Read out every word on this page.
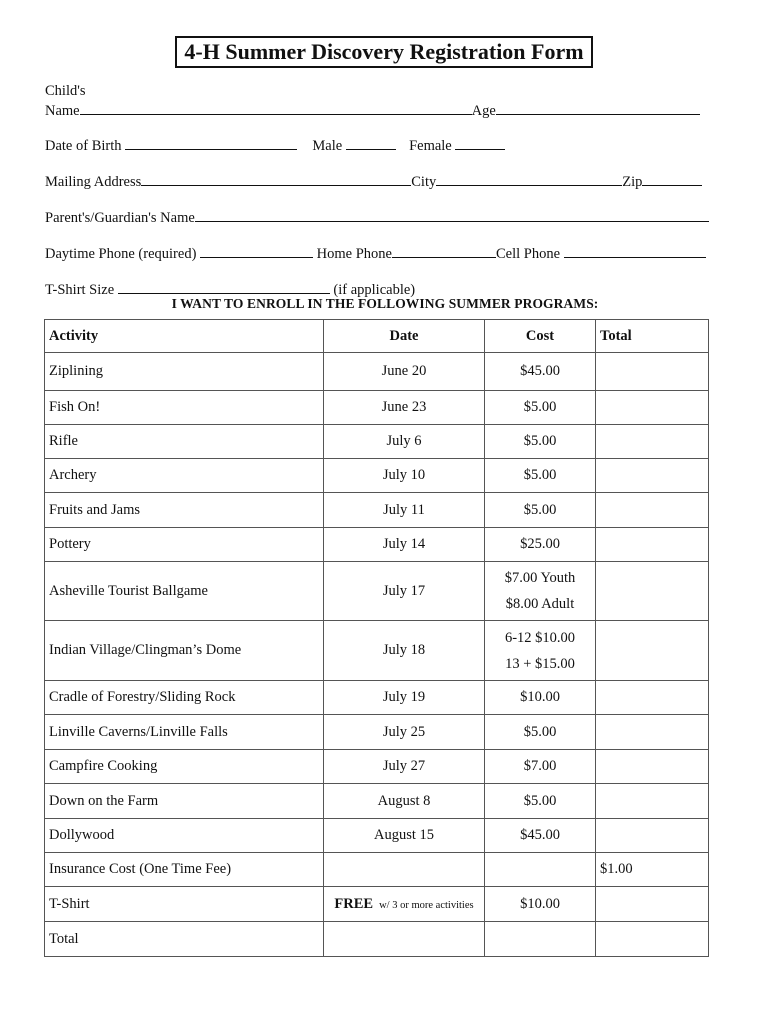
4-H Summer Discovery Registration Form
Child's
Name	Age
Date of Birth	Male	Female
Mailing Address	City	Zip
Parent's/Guardian's Name
Daytime Phone (required)	Home Phone	Cell Phone
T-Shirt Size	(if applicable)
I WANT TO ENROLL IN THE FOLLOWING SUMMER PROGRAMS:
Activity	Date	Cost	Total
Ziplining	June 20	$45.00	
Fish On!	June 23	$5.00	
Rifle	July 6	$5.00	
Archery	July 10	$5.00	
Fruits and Jams	July 11	$5.00	
Pottery	July 14	$25.00	
Asheville Tourist Ballgame	July 17	$7.00 Youth
$8.00 Adult	

Indian Village/Clingman’s Dome	July 18	6-12 $10.00
13 + $15.00	

Cradle of Forestry/Sliding Rock	July 19	$10.00	
Linville Caverns/Linville Falls	July 25	$5.00	
Campfire Cooking	July 27	$7.00	
Down on the Farm	August 8	$5.00	
Dollywood	August 15	$45.00	
Insurance Cost (One Time Fee)			$1.00
T-Shirt	FREE w/ 3 or more activities	$10.00	
Total			
